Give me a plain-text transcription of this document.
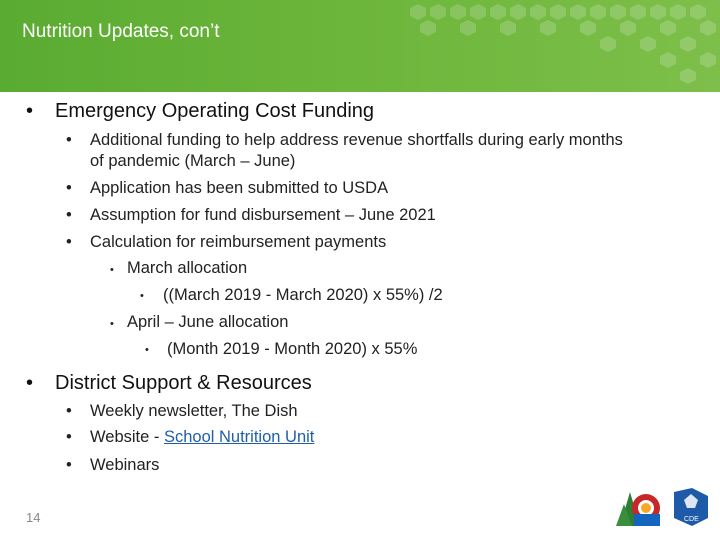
Nutrition Updates, con’t
• Emergency Operating Cost Funding
• Additional funding to help address revenue shortfalls during early months
of pandemic (March – June)
• Application has been submitted to USDA
• Assumption for fund disbursement – June 2021
• Calculation for reimbursement payments
• March allocation
• ((March 2019 - March 2020) x 55%) /2
• April – June allocation
• (Month 2019 - Month 2020) x 55%
• District Support & Resources
• Weekly newsletter, The Dish
• Website - School Nutrition Unit
• Webinars
14	CDE
